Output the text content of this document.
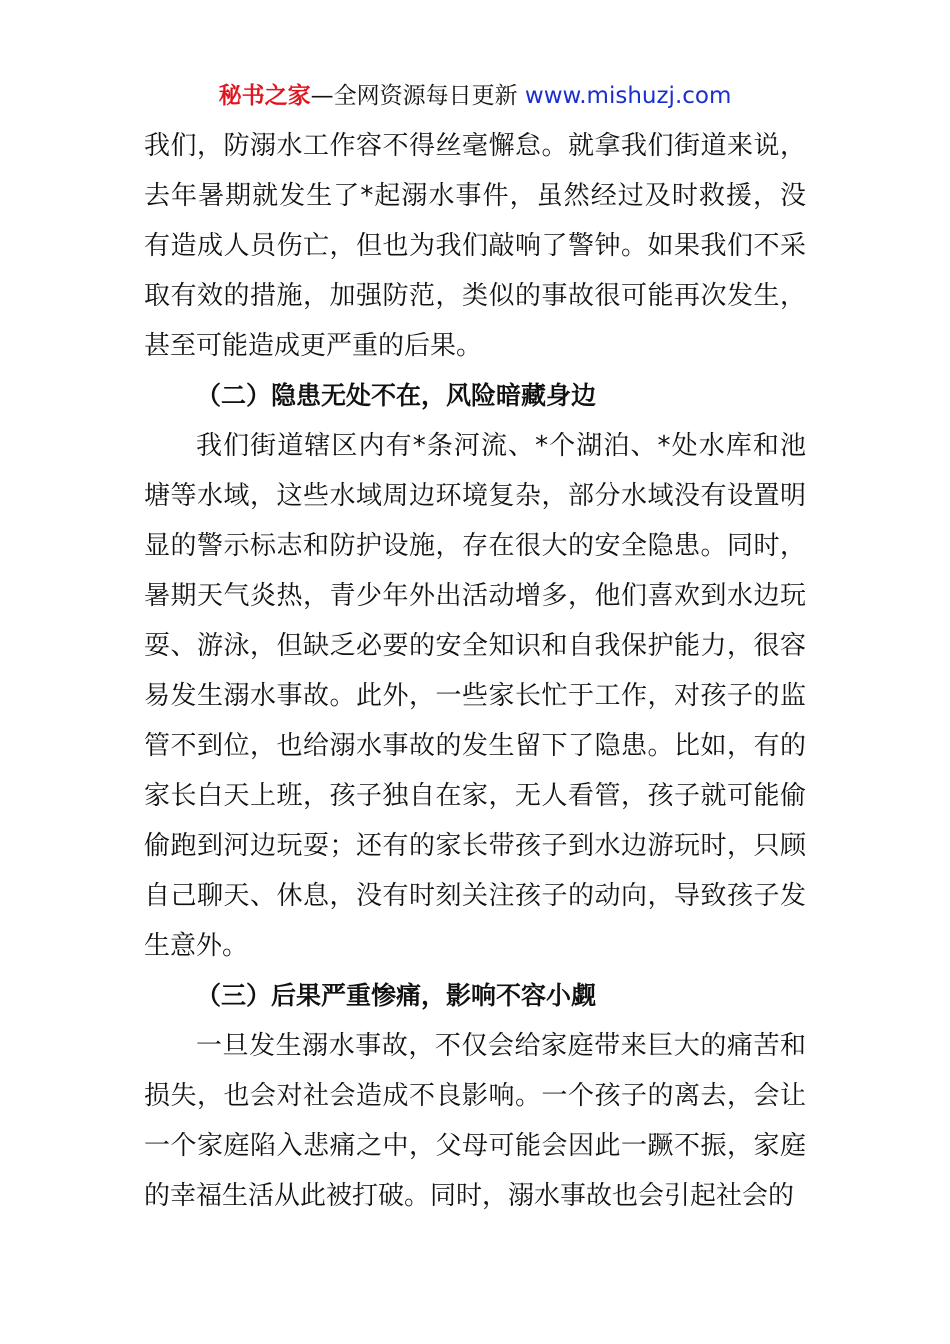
秘书之家—全网资源每日更新 www.mishuzj.com

我们，防溺水工作容不得丝毫懈怠。就拿我们街道来说，去年暑期就发生了*起溺水事件，虽然经过及时救援，没有造成人员伤亡，但也为我们敲响了警钟。如果我们不采取有效的措施，加强防范，类似的事故很可能再次发生，甚至可能造成更严重的后果。

（二）隐患无处不在，风险暗藏身边

我们街道辖区内有*条河流、*个湖泊、*处水库和池塘等水域，这些水域周边环境复杂，部分水域没有设置明显的警示标志和防护设施，存在很大的安全隐患。同时，暑期天气炎热，青少年外出活动增多，他们喜欢到水边玩耍、游泳，但缺乏必要的安全知识和自我保护能力，很容易发生溺水事故。此外，一些家长忙于工作，对孩子的监管不到位，也给溺水事故的发生留下了隐患。比如，有的家长白天上班，孩子独自在家，无人看管，孩子就可能偷偷跑到河边玩耍；还有的家长带孩子到水边游玩时，只顾自己聊天、休息，没有时刻关注孩子的动向，导致孩子发生意外。

（三）后果严重惨痛，影响不容小觑

一旦发生溺水事故，不仅会给家庭带来巨大的痛苦和损失，也会对社会造成不良影响。一个孩子的离去，会让一个家庭陷入悲痛之中，父母可能会因此一蹶不振，家庭的幸福生活从此被打破。同时，溺水事故也会引起社会的
